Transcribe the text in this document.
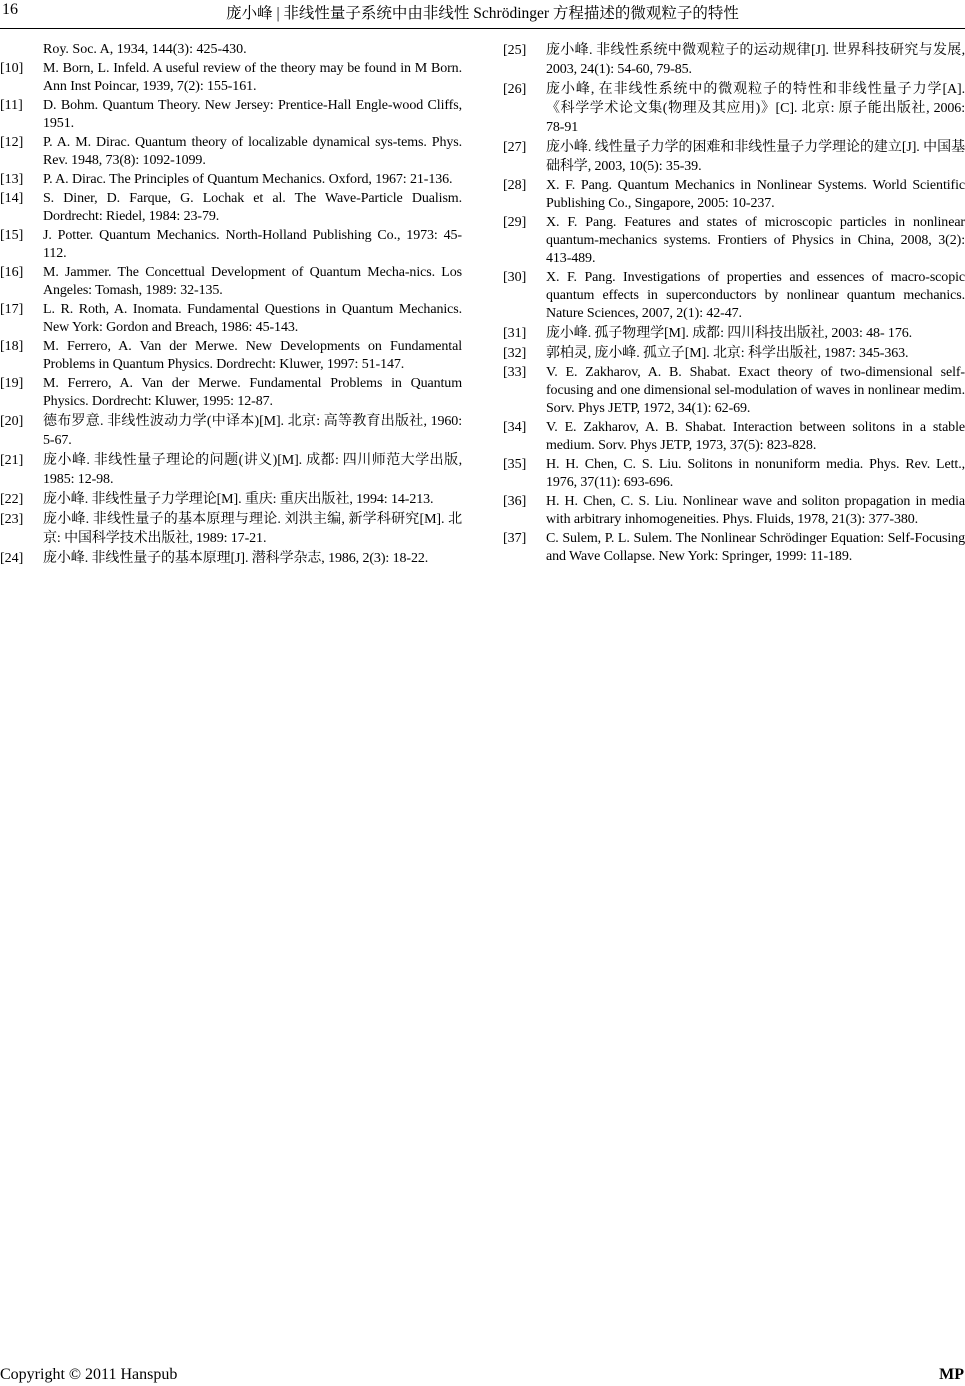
16	庞小峰 | 非线性量子系统中由非线性 Schrödinger 方程描述的微观粒子的特性
Roy. Soc. A, 1934, 144(3): 425-430.
[10]	M. Born, L. Infeld. A useful review of the theory may be found in M Born. Ann Inst Poincar, 1939, 7(2): 155-161.
[11]	D. Bohm. Quantum Theory. New Jersey: Prentice-Hall Engle-wood Cliffs, 1951.
[12]	P. A. M. Dirac. Quantum theory of localizable dynamical sys-tems. Phys. Rev. 1948, 73(8): 1092-1099.
[13]	P. A. Dirac. The Principles of Quantum Mechanics. Oxford, 1967: 21-136.
[14]	S. Diner, D. Farque, G. Lochak et al. The Wave-Particle Dualism. Dordrecht: Riedel, 1984: 23-79.
[15]	J. Potter. Quantum Mechanics. North-Holland Publishing Co., 1973: 45-112.
[16]	M. Jammer. The Concettual Development of Quantum Mecha-nics. Los Angeles: Tomash, 1989: 32-135.
[17]	L. R. Roth, A. Inomata. Fundamental Questions in Quantum Mechanics. New York: Gordon and Breach, 1986: 45-143.
[18]	M. Ferrero, A. Van der Merwe. New Developments on Fundamental Problems in Quantum Physics. Dordrecht: Kluwer, 1997: 51-147.
[19]	M. Ferrero, A. Van der Merwe. Fundamental Problems in Quantum Physics. Dordrecht: Kluwer, 1995: 12-87.
[20]	德布罗意. 非线性波动力学(中译本)[M]. 北京: 高等教育出版社, 1960: 5-67.
[21]	庞小峰. 非线性量子理论的问题(讲义)[M]. 成都: 四川师范大学出版, 1985: 12-98.
[22]	庞小峰. 非线性量子力学理论[M]. 重庆: 重庆出版社, 1994: 14-213.
[23]	庞小峰. 非线性量子的基本原理与理论. 刘洪主编, 新学科研究[M]. 北京: 中国科学技术出版社, 1989: 17-21.
[24]	庞小峰. 非线性量子的基本原理[J]. 潜科学杂志, 1986, 2(3): 18-22.
[25]	庞小峰. 非线性系统中微观粒子的运动规律[J]. 世界科技研究与发展, 2003, 24(1): 54-60, 79-85.
[26]	庞小峰, 在非线性系统中的微观粒子的特性和非线性量子力学[A]. 《科学学术论文集(物理及其应用)》[C]. 北京: 原子能出版社, 2006: 78-91
[27]	庞小峰. 线性量子力学的困难和非线性量子力学理论的建立[J]. 中国基础科学, 2003, 10(5): 35-39.
[28]	X. F. Pang. Quantum Mechanics in Nonlinear Systems. World Scientific Publishing Co., Singapore, 2005: 10-237.
[29]	X. F. Pang. Features and states of microscopic particles in nonlinear quantum-mechanics systems. Frontiers of Physics in China, 2008, 3(2): 413-489.
[30]	X. F. Pang. Investigations of properties and essences of macro-scopic quantum effects in superconductors by nonlinear quantum mechanics. Nature Sciences, 2007, 2(1): 42-47.
[31]	庞小峰. 孤子物理学[M]. 成都: 四川科技出版社, 2003: 48- 176.
[32]	郭柏灵, 庞小峰. 孤立子[M]. 北京: 科学出版社, 1987: 345-363.
[33]	V. E. Zakharov, A. B. Shabat. Exact theory of two-dimensional self-focusing and one dimensional sel-modulation of waves in nonlinear medim. Sorv. Phys JETP, 1972, 34(1): 62-69.
[34]	V. E. Zakharov, A. B. Shabat. Interaction between solitons in a stable medium. Sorv. Phys JETP, 1973, 37(5): 823-828.
[35]	H. H. Chen, C. S. Liu. Solitons in nonuniform media. Phys. Rev. Lett., 1976, 37(11): 693-696.
[36]	H. H. Chen, C. S. Liu. Nonlinear wave and soliton propagation in media with arbitrary inhomogeneities. Phys. Fluids, 1978, 21(3): 377-380.
[37]	C. Sulem, P. L. Sulem. The Nonlinear Schrödinger Equation: Self-Focusing and Wave Collapse. New York: Springer, 1999: 11-189.
Copyright © 2011 Hanspub	MP
